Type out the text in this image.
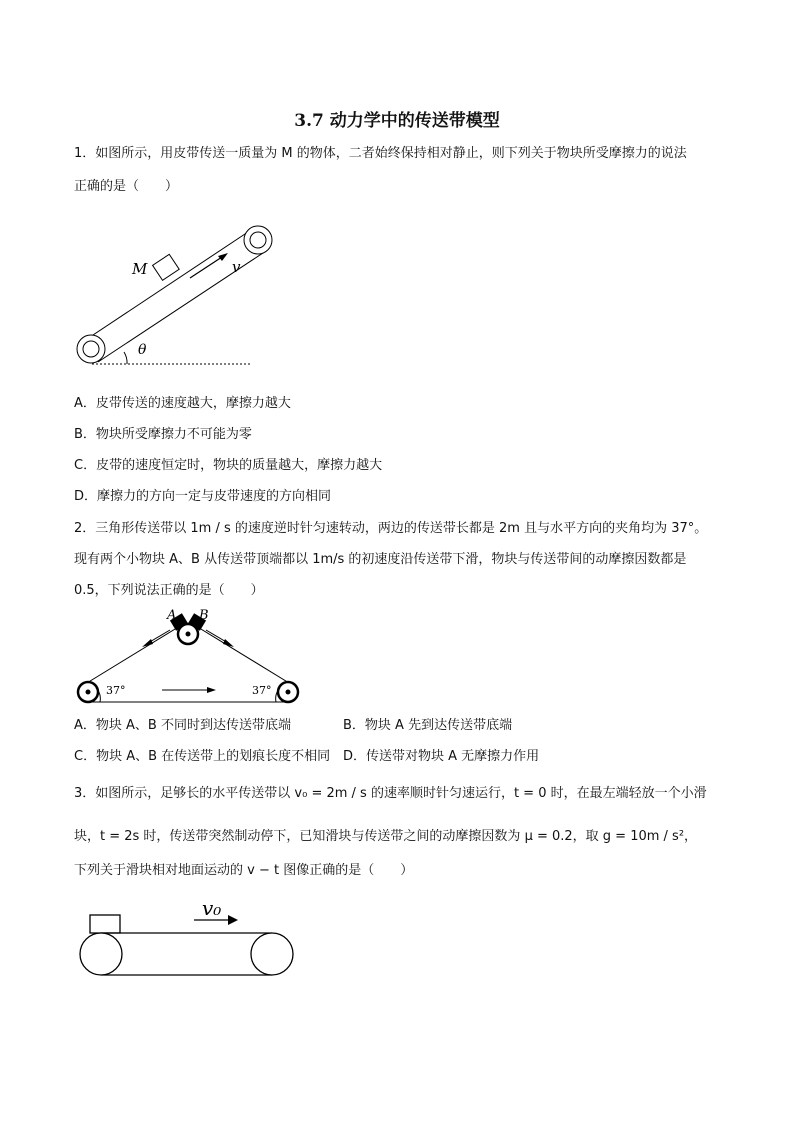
3.7 动力学中的传送带模型
1．如图所示，用皮带传送一质量为 M 的物体，二者始终保持相对静止，则下列关于物块所受摩擦力的说法
正确的是（　　）
M	v
θ
A．皮带传送的速度越大，摩擦力越大
B．物块所受摩擦力不可能为零
C．皮带的速度恒定时，物块的质量越大，摩擦力越大
D．摩擦力的方向一定与皮带速度的方向相同
2．三角形传送带以 1m / s 的速度逆时针匀速转动，两边的传送带长都是 2m 且与水平方向的夹角均为 37°。
现有两个小物块 A、B 从传送带顶端都以 1m/s 的初速度沿传送带下滑，物块与传送带间的动摩擦因数都是
0.5，下列说法正确的是（　　）
A B
37°	37°
A．物块 A、B 不同时到达传送带底端	B．物块 A 先到达传送带底端
C．物块 A、B 在传送带上的划痕长度不相同 D．传送带对物块 A 无摩擦力作用
3．如图所示，足够长的水平传送带以 v₀ = 2m / s 的速率顺时针匀速运行，t = 0 时，在最左端轻放一个小滑
块，t = 2s 时，传送带突然制动停下，已知滑块与传送带之间的动摩擦因数为 μ = 0.2，取 g = 10m / s²，
下列关于滑块相对地面运动的 v − t 图像正确的是（　　）
v₀
